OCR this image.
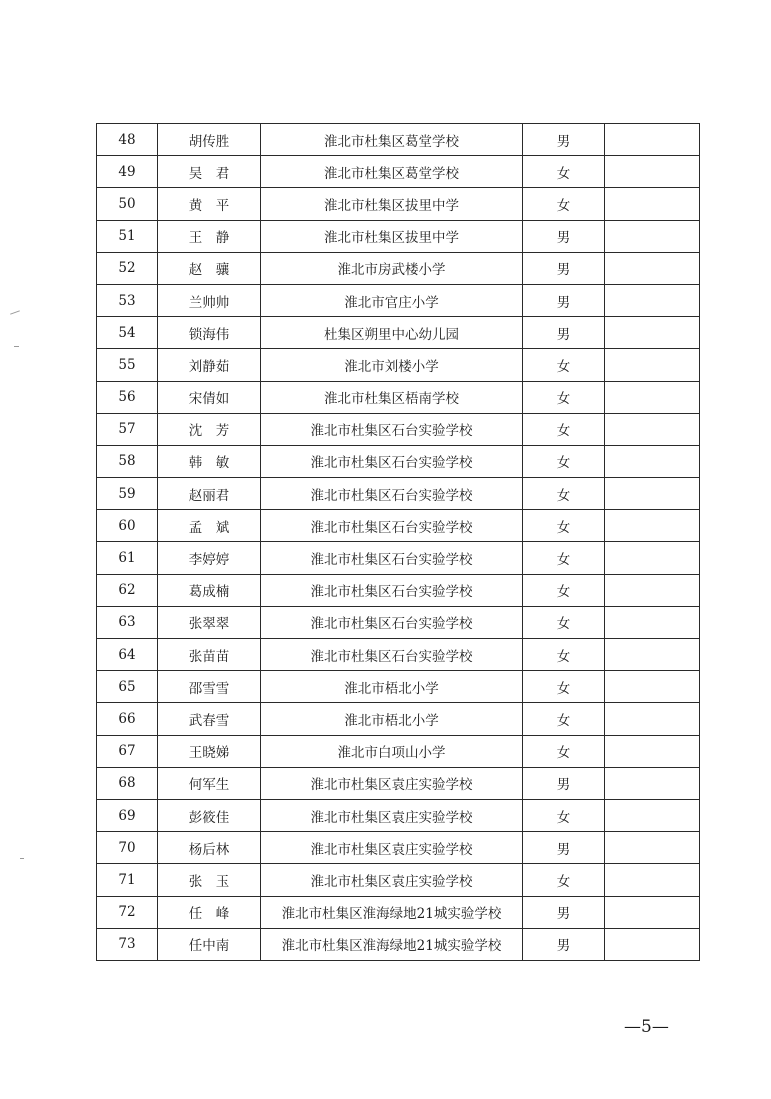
48	胡传胜	淮北市杜集区葛堂学校	男	
49	吴　君	淮北市杜集区葛堂学校	女	
50	黄　平	淮北市杜集区拔里中学	女	
51	王　静	淮北市杜集区拔里中学	男	
52	赵　骧	淮北市房武楼小学	男	
53	兰帅帅	淮北市官庄小学	男	
54	锁海伟	杜集区朔里中心幼儿园	男	
55	刘静茹	淮北市刘楼小学	女	
56	宋倩如	淮北市杜集区梧南学校	女	
57	沈　芳	淮北市杜集区石台实验学校	女	
58	韩　敏	淮北市杜集区石台实验学校	女	
59	赵丽君	淮北市杜集区石台实验学校	女	
60	孟　斌	淮北市杜集区石台实验学校	女	
61	李婷婷	淮北市杜集区石台实验学校	女	
62	葛成楠	淮北市杜集区石台实验学校	女	
63	张翠翠	淮北市杜集区石台实验学校	女	
64	张苗苗	淮北市杜集区石台实验学校	女	
65	邵雪雪	淮北市梧北小学	女	
66	武春雪	淮北市梧北小学	女	
67	王晓娣	淮北市白项山小学	女	
68	何军生	淮北市杜集区袁庄实验学校	男	
69	彭筱佳	淮北市杜集区袁庄实验学校	女	
70	杨后林	淮北市杜集区袁庄实验学校	男	
71	张　玉	淮北市杜集区袁庄实验学校	女	
72	任　峰	淮北市杜集区淮海绿地21城实验学校	男	
73	任中南	淮北市杜集区淮海绿地21城实验学校	男	
—5—
